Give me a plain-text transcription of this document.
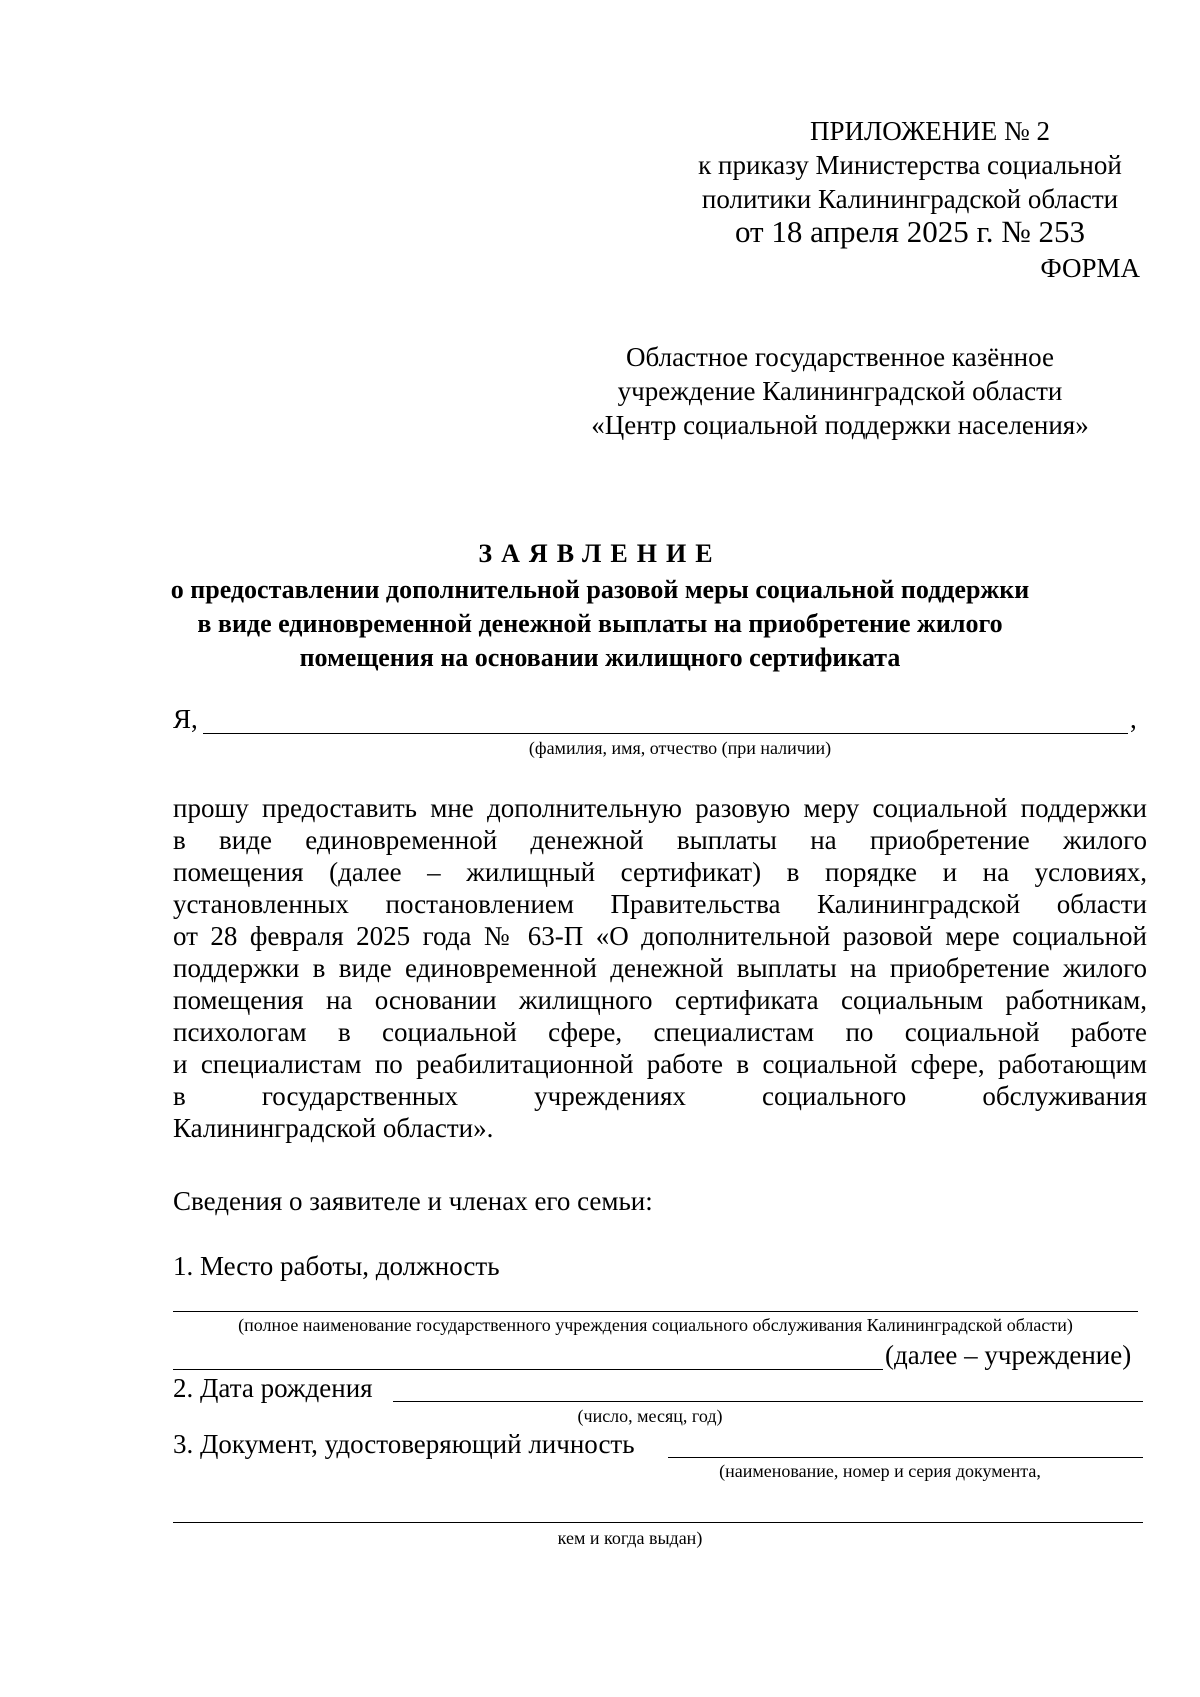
ПРИЛОЖЕНИЕ № 2
к приказу Министерства социальной
политики Калининградской области
от 18 апреля 2025 г. № 253
ФОРМА
Областное государственное казённое
учреждение Калининградской области
«Центр социальной поддержки населения»
ЗАЯВЛЕНИЕ
о предоставлении дополнительной разовой меры социальной поддержки
в виде единовременной денежной выплаты на приобретение жилого
помещения на основании жилищного сертификата
Я,	,
(фамилия, имя, отчество (при наличии)
прошу предоставить мне дополнительную разовую меру социальной поддержки
в виде единовременной денежной выплаты на приобретение жилого
помещения (далее – жилищный сертификат) в порядке и на условиях,
установленных постановлением Правительства Калининградской области
от 28 февраля 2025 года № 63-П «О дополнительной разовой мере социальной
поддержки в виде единовременной денежной выплаты на приобретение жилого
помещения на основании жилищного сертификата социальным работникам,
психологам в социальной сфере, специалистам по социальной работе
и специалистам по реабилитационной работе в социальной сфере, работающим
в государственных учреждениях социального обслуживания
Калининградской области».
Сведения о заявителе и членах его семьи:
1. Место работы, должность
(полное наименование государственного учреждения социального обслуживания Калининградской области)
(далее – учреждение)
2. Дата рождения
(число, месяц, год)
3. Документ, удостоверяющий личность
(наименование, номер и серия документа,
кем и когда выдан)
